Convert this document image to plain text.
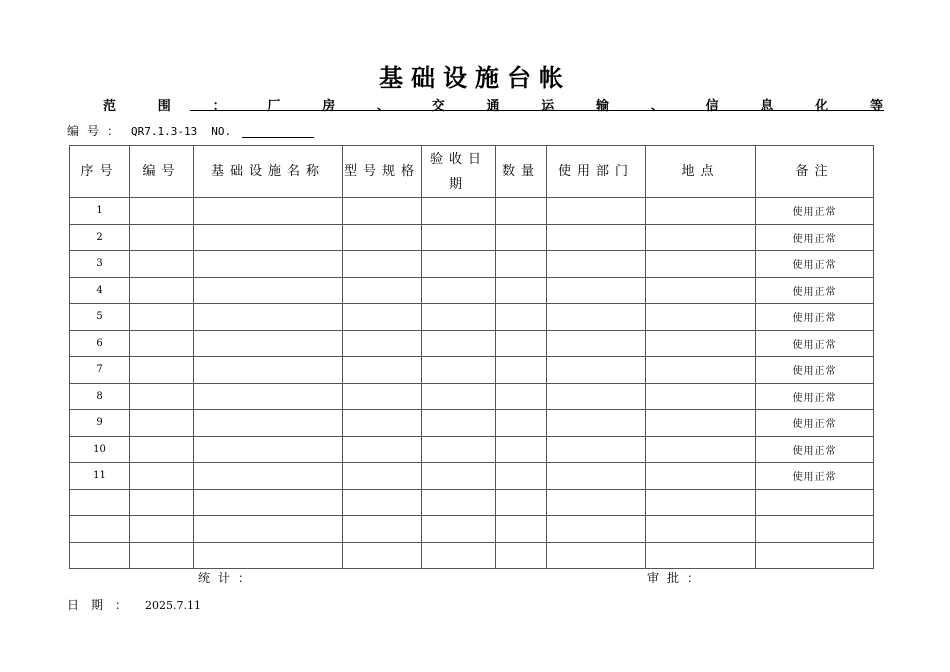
基础设施台帐
范	围	：	厂	房	、	交	通	运	输	、	信	息	化	等
编号： QR7.1.3-13 NO.
序号	编号	基础设施名称	型号规格	验收日期	数量	使用部门	地点	备注
1								使用正常
2								使用正常
3								使用正常
4								使用正常
5								使用正常
6								使用正常
7								使用正常
8								使用正常
9								使用正常
10								使用正常
11								使用正常

统计：	审批：
日期： 2025.7.11
